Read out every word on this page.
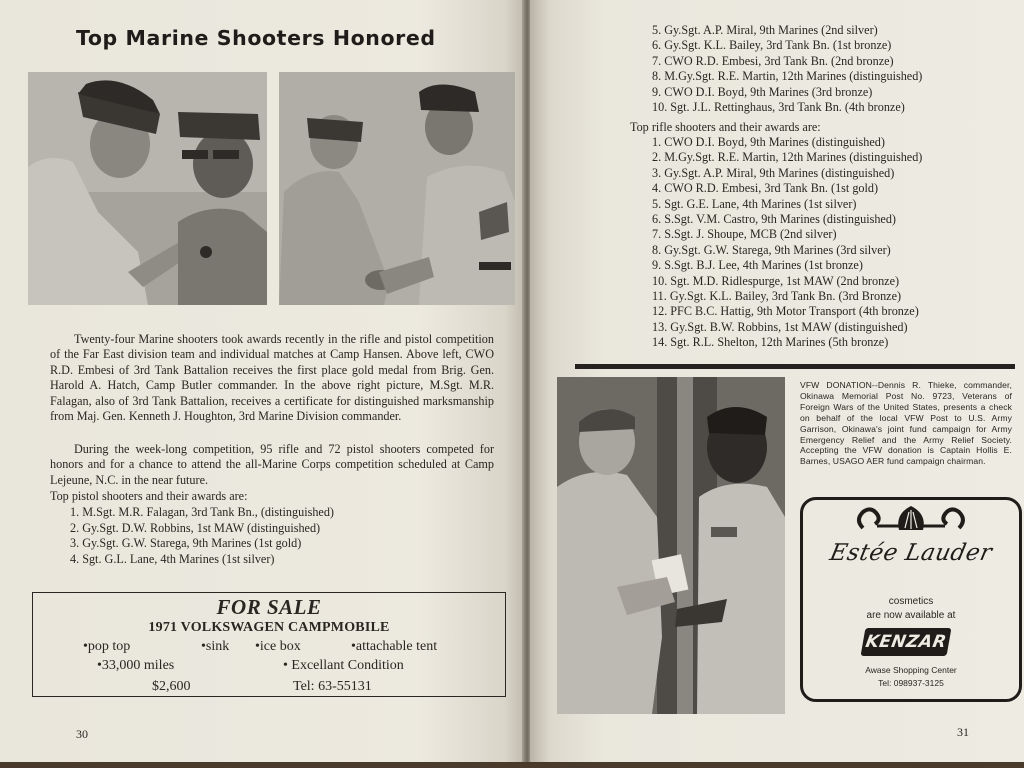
Top Marine Shooters Honored

Twenty-four Marine shooters took awards recently in the rifle and pistol competition of the Far East division team and individual matches at Camp Hansen. Above left, CWO R.D. Embesi of 3rd Tank Battalion receives the first place gold medal from Brig. Gen. Harold A. Hatch, Camp Butler commander. In the above right picture, M.Sgt. M.R. Falagan, also of 3rd Tank Battalion, receives a certificate for distinguished marksmanship from Maj. Gen. Kenneth J. Houghton, 3rd Marine Division commander.

During the week-long competition, 95 rifle and 72 pistol shooters competed for honors and for a chance to attend the all-Marine Corps competition scheduled at Camp Lejeune, N.C. in the near future.

Top pistol shooters and their awards are:

1. M.Sgt. M.R. Falagan, 3rd Tank Bn., (distinguished)
2. Gy.Sgt. D.W. Robbins, 1st MAW (distinguished)
3. Gy.Sgt. G.W. Starega, 9th Marines (1st gold)
4. Sgt. G.L. Lane, 4th Marines (1st silver)
FOR SALE
1971 VOLKSWAGEN CAMPMOBILE
•pop top	•sink •ice box	•attachable tent
•33,000 miles	• Excellant Condition
$2,600	Tel: 63-55131
30
5. Gy.Sgt. A.P. Miral, 9th Marines (2nd silver)
6. Gy.Sgt. K.L. Bailey, 3rd Tank Bn. (1st bronze)
7. CWO R.D. Embesi, 3rd Tank Bn. (2nd bronze)
8. M.Gy.Sgt. R.E. Martin, 12th Marines (distinguished)
9. CWO D.I. Boyd, 9th Marines (3rd bronze)
10. Sgt. J.L. Rettinghaus, 3rd Tank Bn. (4th bronze)

Top rifle shooters and their awards are:

1. CWO D.I. Boyd, 9th Marines (distinguished)
2. M.Gy.Sgt. R.E. Martin, 12th Marines (distinguished)
3. Gy.Sgt. A.P. Miral, 9th Marines (distinguished)
4. CWO R.D. Embesi, 3rd Tank Bn. (1st gold)
5. Sgt. G.E. Lane, 4th Marines (1st silver)
6. S.Sgt. V.M. Castro, 9th Marines (distinguished)
7. S.Sgt. J. Shoupe, MCB (2nd silver)
8. Gy.Sgt. G.W. Starega, 9th Marines (3rd silver)
9. S.Sgt. B.J. Lee, 4th Marines (1st bronze)
10. Sgt. M.D. Ridlespurge, 1st MAW (2nd bronze)
11. Gy.Sgt. K.L. Bailey, 3rd Tank Bn. (3rd Bronze)
12. PFC B.C. Hattig, 9th Motor Transport (4th bronze)
13. Gy.Sgt. B.W. Robbins, 1st MAW (distinguished)
14. Sgt. R.L. Shelton, 12th Marines (5th bronze)

VFW DONATION--Dennis R. Thieke, commander, Okinawa Memorial Post No. 9723, Veterans of Foreign Wars of the United States, presents a check on behalf of the local VFW Post to U.S. Army Garrison, Okinawa's joint fund campaign for Army Emergency Relief and the Army Relief Society. Accepting the VFW donation is Captain Hollis E. Barnes, USAGO AER fund campaign chairman.

Estée Lauder
cosmetics
are now available at
KENZAR
Awase Shopping Center
Tel: 098937-3125
31
